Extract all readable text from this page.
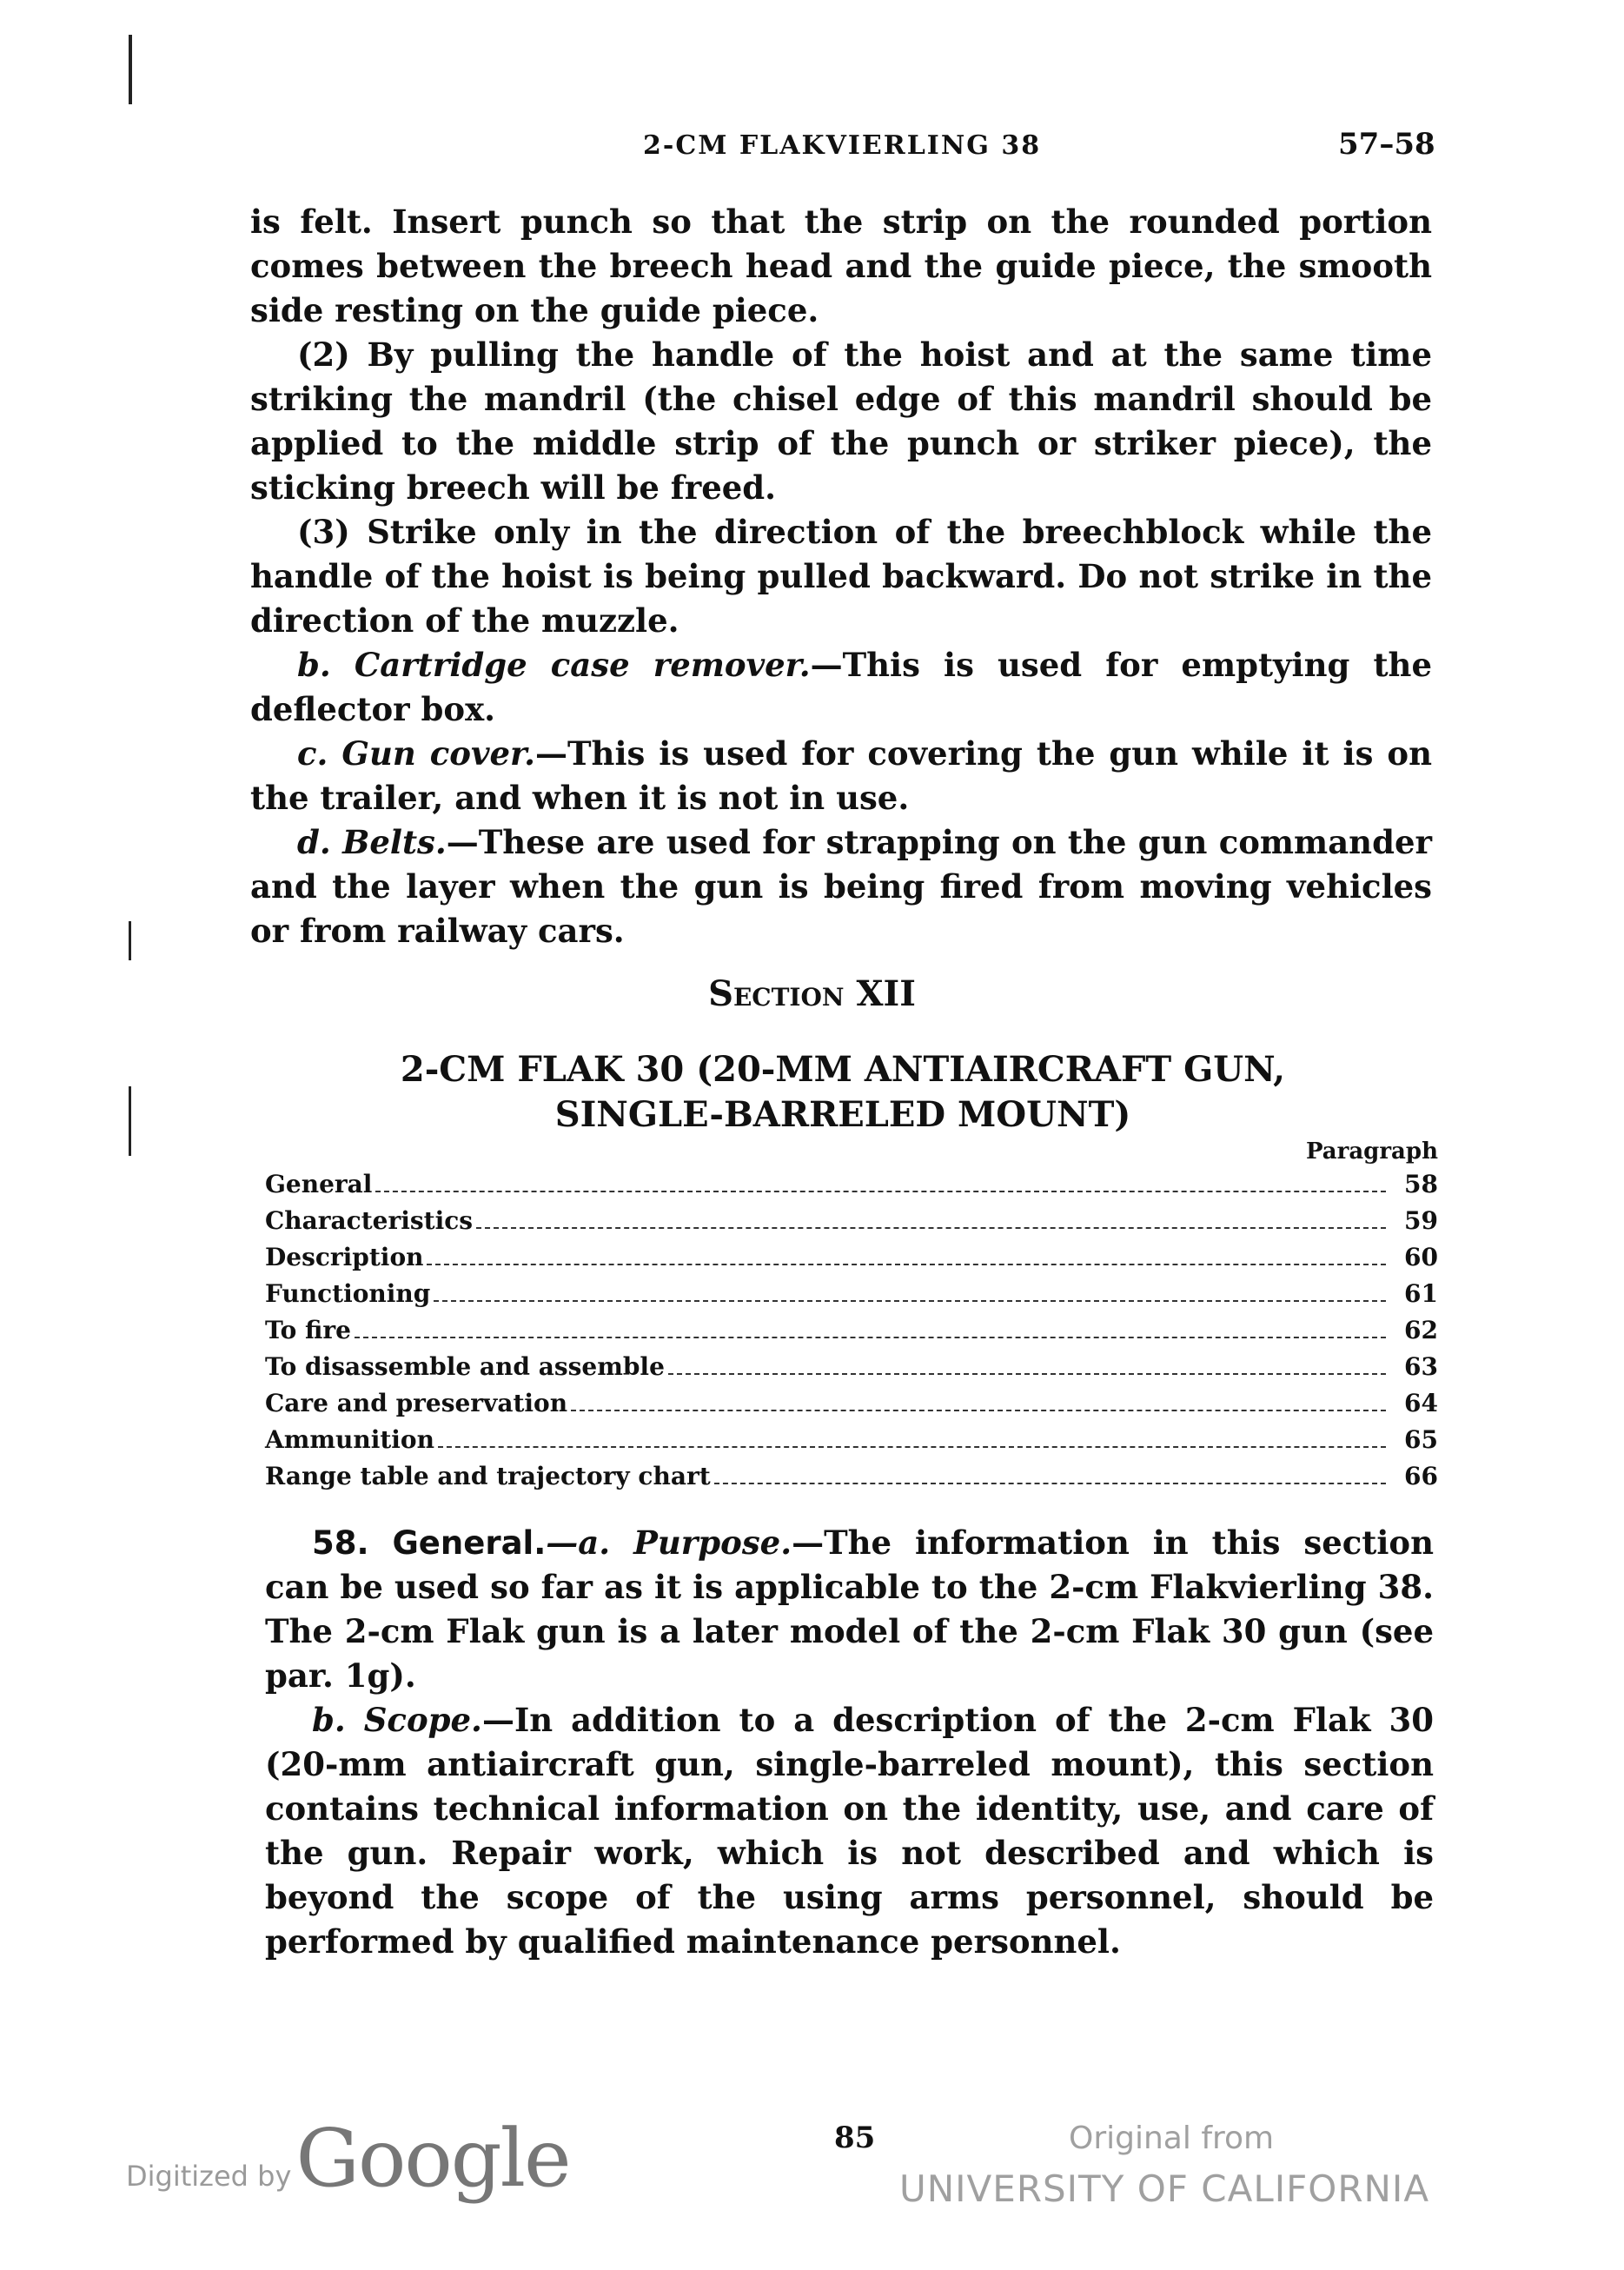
2-CM FLAKVIERLING 38	57–58

is felt. Insert punch so that the strip on the rounded portion comes between the breech head and the guide piece, the smooth side resting on the guide piece.

(2) By pulling the handle of the hoist and at the same time striking the mandril (the chisel edge of this mandril should be applied to the middle strip of the punch or striker piece), the sticking breech will be freed.

(3) Strike only in the direction of the breechblock while the handle of the hoist is being pulled backward. Do not strike in the direction of the muzzle.

b. Cartridge case remover.—This is used for emptying the deflector box.

c. Gun cover.—This is used for covering the gun while it is on the trailer, and when it is not in use.

d. Belts.—These are used for strapping on the gun commander and the layer when the gun is being fired from moving vehicles or from railway cars.

Section XII
2-CM FLAK 30 (20-MM ANTIAIRCRAFT GUN,
SINGLE-BARRELED MOUNT)
Paragraph
General	58
Characteristics	59
Description	60
Functioning	61
To fire	62
To disassemble and assemble	63
Care and preservation	64
Ammunition	65
Range table and trajectory chart	66

58. General.—a. Purpose.—The information in this section can be used so far as it is applicable to the 2-cm Flakvierling 38. The 2-cm Flak gun is a later model of the 2-cm Flak 30 gun (see par. 1g).

b. Scope.—In addition to a description of the 2-cm Flak 30 (20-mm antiaircraft gun, single-barreled mount), this section contains technical information on the identity, use, and care of the gun. Repair work, which is not described and which is beyond the scope of the using arms personnel, should be performed by qualified maintenance personnel.

Digitized by Google	85	Original from
UNIVERSITY OF CALIFORNIA
